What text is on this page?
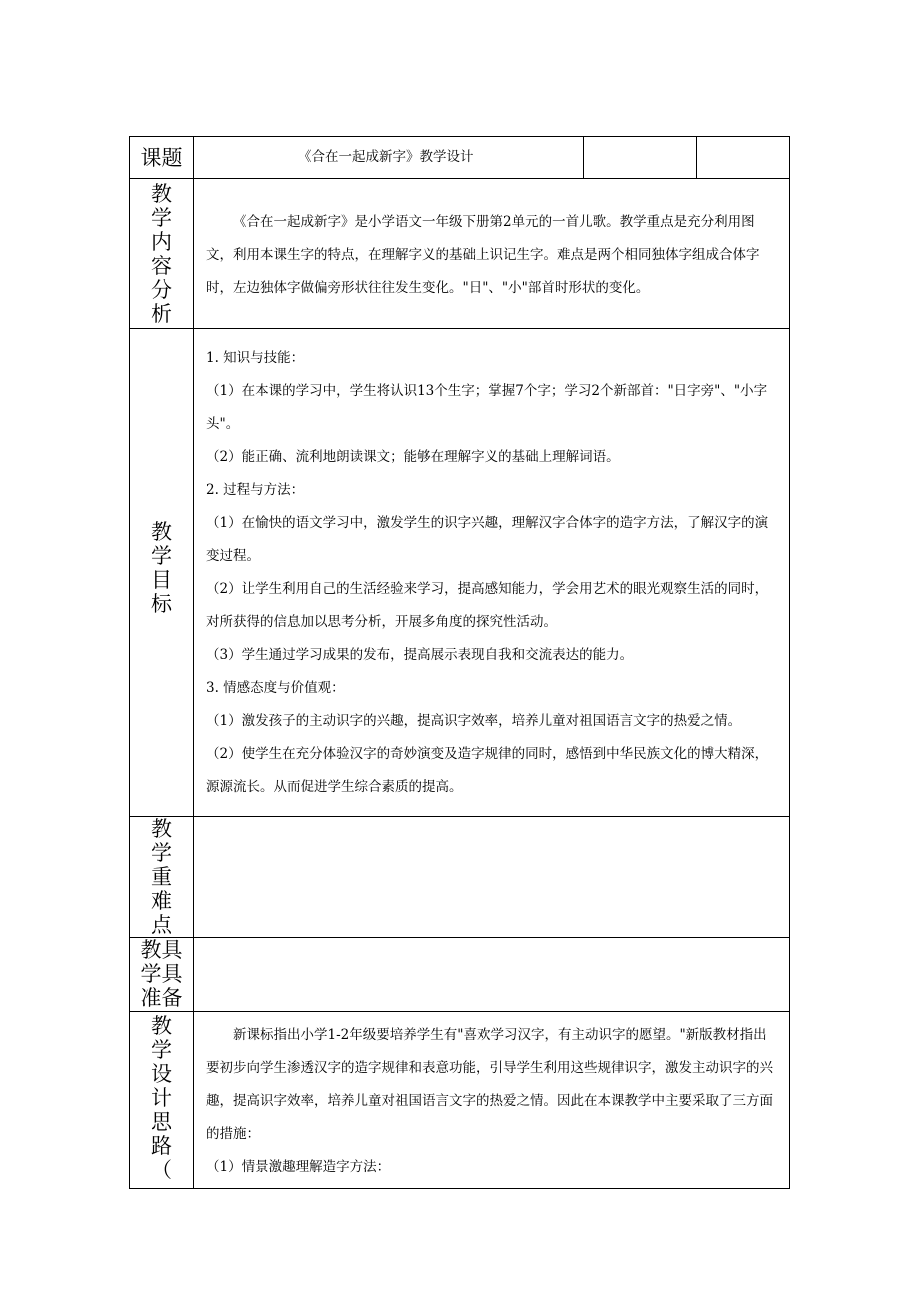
课题	《合在一起成新字》教学设计
教
学
内
容
分
析

《合在一起成新字》是小学语文一年级下册第2单元的一首儿歌。教学重点是充分利用图文，利用本课生字的特点，在理解字义的基础上识记生字。难点是两个相同独体字组成合体字时，左边独体字做偏旁形状往往发生变化。"日"、"小"部首时形状的变化。

教
学
目
标

1. 知识与技能：

（1）在本课的学习中，学生将认识13个生字；掌握7个字；学习2个新部首："日字旁"、"小字头"。

（2）能正确、流利地朗读课文；能够在理解字义的基础上理解词语。

2. 过程与方法：

（1）在愉快的语文学习中，激发学生的识字兴趣，理解汉字合体字的造字方法，了解汉字的演变过程。

（2）让学生利用自己的生活经验来学习，提高感知能力，学会用艺术的眼光观察生活的同时，对所获得的信息加以思考分析，开展多角度的探究性活动。

（3）学生通过学习成果的发布，提高展示表现自我和交流表达的能力。

3. 情感态度与价值观：

（1）激发孩子的主动识字的兴趣，提高识字效率，培养儿童对祖国语言文字的热爱之情。

（2）使学生在充分体验汉字的奇妙演变及造字规律的同时，感悟到中华民族文化的博大精深，源源流长。从而促进学生综合素质的提高。

教
学
重
难
点

教具
学具
准备

教
学
设
计
思
路
（

新课标指出小学1-2年级要培养学生有"喜欢学习汉字，有主动识字的愿望。"新版教材指出要初步向学生渗透汉字的造字规律和表意功能，引导学生利用这些规律识字，激发主动识字的兴趣，提高识字效率，培养儿童对祖国语言文字的热爱之情。因此在本课教学中主要采取了三方面的措施：

（1）情景激趣理解造字方法：
